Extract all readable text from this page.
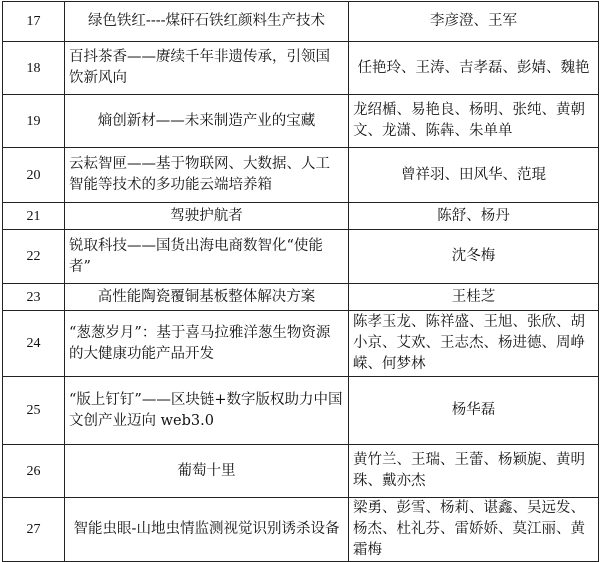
17	绿色铁红----煤矸石铁红颜料生产技术	李彦澄、王军
18	百抖茶香——赓续千年非遗传承，引领国饮新风向	任艳玲、王涛、吉孝磊、彭婧、魏艳
19	熵创新材——未来制造产业的宝藏	龙绍楯、易艳良、杨明、张纯、黄朝文、龙潇、陈犇、朱单单
20	云耘智匣——基于物联网、大数据、人工智能等技术的多功能云端培养箱	曾祥羽、田风华、范琨
21	驾驶护航者	陈舒、杨丹
22	锐取科技——国货出海电商数智化“使能者”	沈冬梅
23	高性能陶瓷覆铜基板整体解决方案	王桂芝
24	“葱葱岁月”：基于喜马拉雅洋葱生物资源的大健康功能产品开发	陈孝玉龙、陈祥盛、王旭、张欣、胡小京、艾欢、王志杰、杨进德、周峥嵘、何梦林
25	“版上钉钉”——区块链+数字版权助力中国文创产业迈向 web3.0	杨华磊
26	葡萄十里	黄竹兰、王瑞、王蕾、杨颖旎、黄明珠、戴亦杰
27	智能虫眼-山地虫情监测视觉识别诱杀设备	梁勇、彭雪、杨莉、谌鑫、吴远发、杨杰、杜礼芬、雷娇娇、莫江丽、黄霜梅
